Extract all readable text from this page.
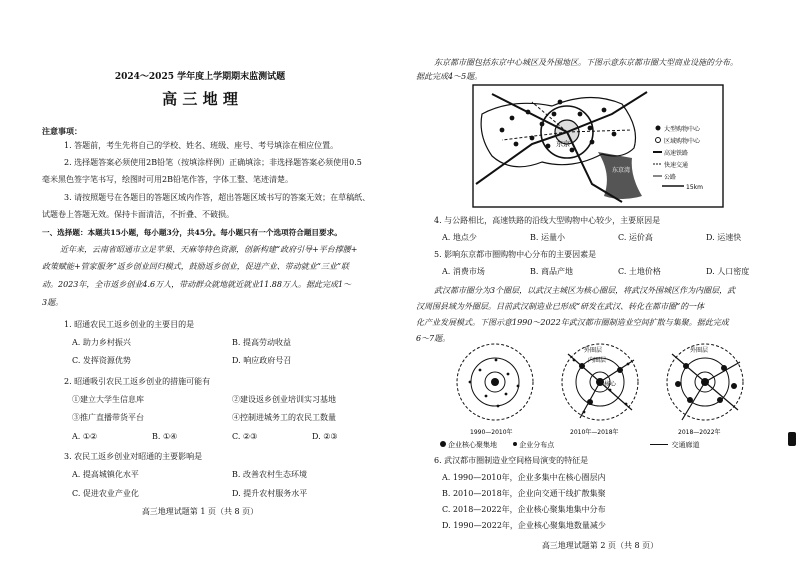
2024～2025 学年度上学期期末监测试题
高 三 地 理
注意事项：
1. 答题前，考生先将自己的学校、姓名、班级、座号、考号填涂在相应位置。
2. 选择题答案必须使用2B铅笔（按填涂样例）正确填涂；非选择题答案必须使用0.5
毫米黑色签字笔书写，绘图时可用2B铅笔作答，字体工整、笔迹清楚。
3. 请按照题号在各题目的答题区域内作答，超出答题区域书写的答案无效；在草稿纸、
试题卷上答题无效。保持卡面清洁，不折叠、不破损。
一、选择题：本题共15小题，每小题3分，共45分。每小题只有一个选项符合题目要求。
近年来，云南省昭通市立足苹果、天麻等特色资源，创新构建“政府引导+平台撑腰+
政策赋能+管家服务”返乡创业回归模式，鼓励返乡创业，促进产业、带动就业“三业”联
动。2023年，全市返乡创业4.6万人，带动群众就地就近就业11.88万人。据此完成1～
3题。
1. 昭通农民工返乡创业的主要目的是
A. 助力乡村振兴	B. 提高劳动收益
C. 发挥资源优势	D. 响应政府号召
2. 昭通吸引农民工返乡创业的措施可能有
①建立大学生信息库	②建设返乡创业培训实习基地
③推广直播带货平台	④控制进城务工的农民工数量
A. ①②	B. ①④	C. ②③	D. ②③
3. 农民工返乡创业对昭通的主要影响是
A. 提高城镇化水平	B. 改善农村生态环境
C. 促进农业产业化	D. 提升农村服务水平
高三地理试题第 1 页（共 8 页）
东京都市圈包括东京中心城区及外围地区。下图示意东京都市圈大型商业设施的分布。
据此完成4～5题。
东京
东京湾
大型购物中心
区域购物中心
高速铁路
快速交通
公路
15km
4. 与公路相比，高速铁路的沿线大型购物中心较少，主要原因是
A. 地点少	B. 运量小	C. 运价高	D. 运速快
5. 影响东京都市圈购物中心分布的主要因素是
A. 消费市场	B. 商品产地	C. 土地价格	D. 人口密度
武汉都市圈分为3个圈层，以武汉主城区为核心圈层，将武汉外围城区作为内圈层，武
汉周围县域为外圈层。目前武汉制造业已形成“研发在武汉、转化在都市圈”的一体
化产业发展模式。下图示意1990～2022年武汉都市圈制造业空间扩散与集聚。据此完成
6～7题。
外圈层
内圈层
核心
外圈层
1990—2010年	2010年—2018年	2018—2022年
企业核心聚集地	企业分布点	交通廊道
6. 武汉都市圈制造业空间格局演变的特征是
A. 1990—2010年，企业多集中在核心圈层内
B. 2010—2018年，企业向交通干线扩散集聚
C. 2018—2022年，企业核心聚集地集中分布
D. 1990—2022年，企业核心聚集地数量减少
高三地理试题第 2 页（共 8 页）
